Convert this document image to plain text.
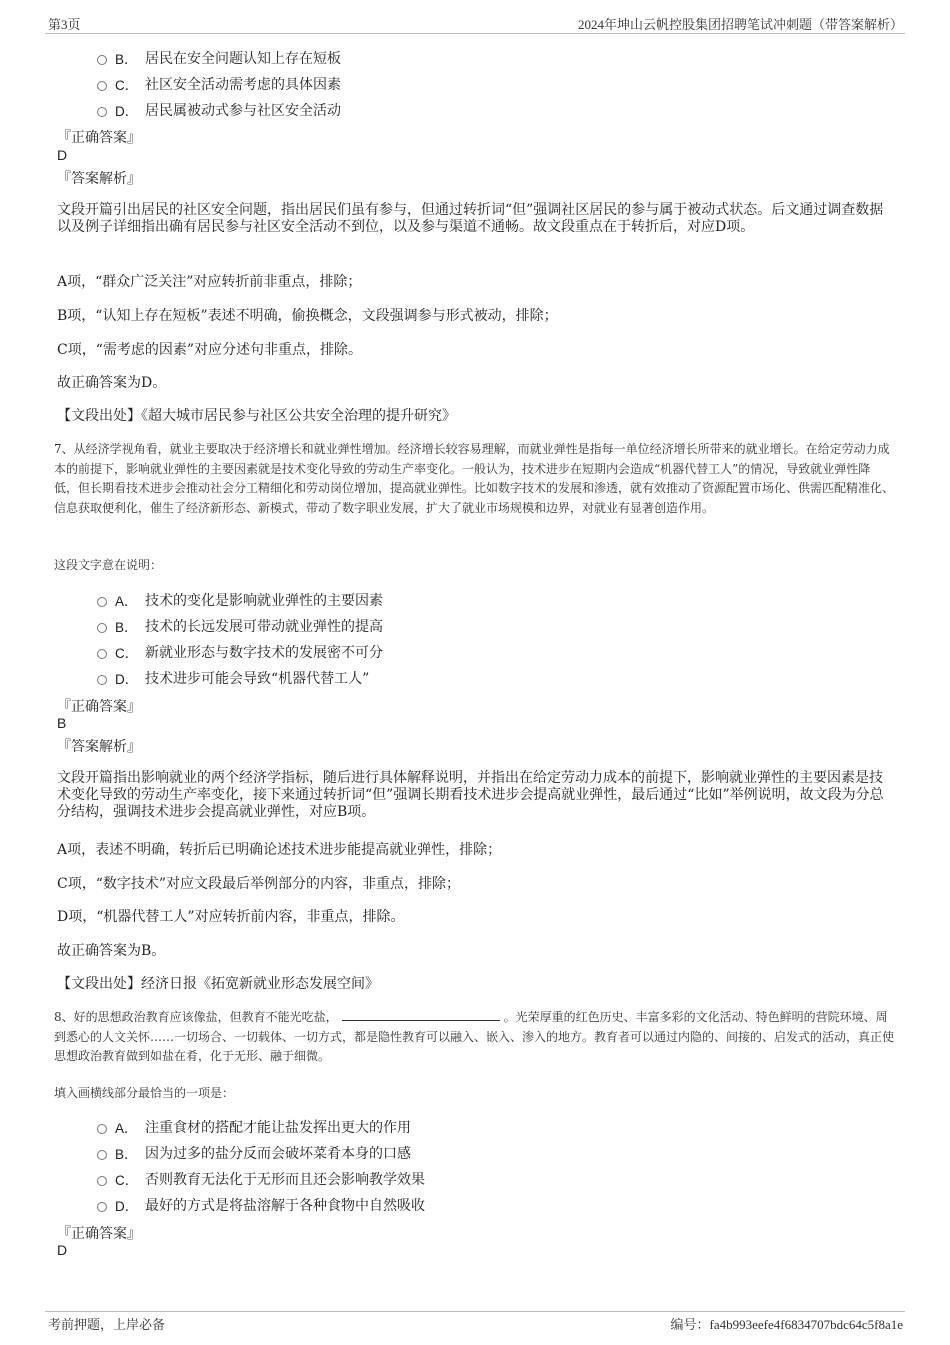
第3页	2024年坤山云帆控股集团招聘笔试冲刺题（带答案解析）
B． 居民在安全问题认知上存在短板
C． 社区安全活动需考虑的具体因素
D． 居民属被动式参与社区安全活动
『正确答案』
D
『答案解析』
文段开篇引出居民的社区安全问题，指出居民们虽有参与，但通过转折词“但”强调社区居民的参与属于被动式状态。后文通过调查数据以及例子详细指出确有居民参与社区安全活动不到位，以及参与渠道不通畅。故文段重点在于转折后，对应D项。
A项，“群众广泛关注”对应转折前非重点，排除；
B项，“认知上存在短板”表述不明确，偷换概念，文段强调参与形式被动，排除；
C项，“需考虑的因素”对应分述句非重点，排除。
故正确答案为D。
【文段出处】《超大城市居民参与社区公共安全治理的提升研究》
7、从经济学视角看，就业主要取决于经济增长和就业弹性增加。经济增长较容易理解，而就业弹性是指每一单位经济增长所带来的就业增长。在给定劳动力成本的前提下，影响就业弹性的主要因素就是技术变化导致的劳动生产率变化。一般认为，技术进步在短期内会造成“机器代替工人”的情况，导致就业弹性降低，但长期看技术进步会推动社会分工精细化和劳动岗位增加，提高就业弹性。比如数字技术的发展和渗透，就有效推动了资源配置市场化、供需匹配精准化、信息获取便利化，催生了经济新形态、新模式，带动了数字职业发展，扩大了就业市场规模和边界，对就业有显著创造作用。
这段文字意在说明：
A． 技术的变化是影响就业弹性的主要因素
B． 技术的长远发展可带动就业弹性的提高
C． 新就业形态与数字技术的发展密不可分
D． 技术进步可能会导致“机器代替工人”
『正确答案』
B
『答案解析』
文段开篇指出影响就业的两个经济学指标，随后进行具体解释说明，并指出在给定劳动力成本的前提下，影响就业弹性的主要因素是技术变化导致的劳动生产率变化，接下来通过转折词“但”强调长期看技术进步会提高就业弹性，最后通过“比如”举例说明，故文段为分总分结构，强调技术进步会提高就业弹性，对应B项。
A项，表述不明确，转折后已明确论述技术进步能提高就业弹性，排除；
C项，“数字技术”对应文段最后举例部分的内容，非重点，排除；
D项，“机器代替工人”对应转折前内容，非重点，排除。
故正确答案为B。
【文段出处】经济日报《拓宽新就业形态发展空间》
8、好的思想政治教育应该像盐，但教育不能光吃盐，	。光荣厚重的红色历史、丰富多彩的文化活动、特色鲜明的营院环境、周到悉心的人文关怀……一切场合、一切载体、一切方式，都是隐性教育可以融入、嵌入、渗入的地方。教育者可以通过内隐的、间接的、启发式的活动，真正使思想政治教育做到如盐在肴，化于无形、融于细微。
填入画横线部分最恰当的一项是：
A． 注重食材的搭配才能让盐发挥出更大的作用
B． 因为过多的盐分反而会破坏菜肴本身的口感
C． 否则教育无法化于无形而且还会影响教学效果
D． 最好的方式是将盐溶解于各种食物中自然吸收
『正确答案』
D
考前押题，上岸必备	编号：fa4b993eefe4f6834707bdc64c5f8a1e
